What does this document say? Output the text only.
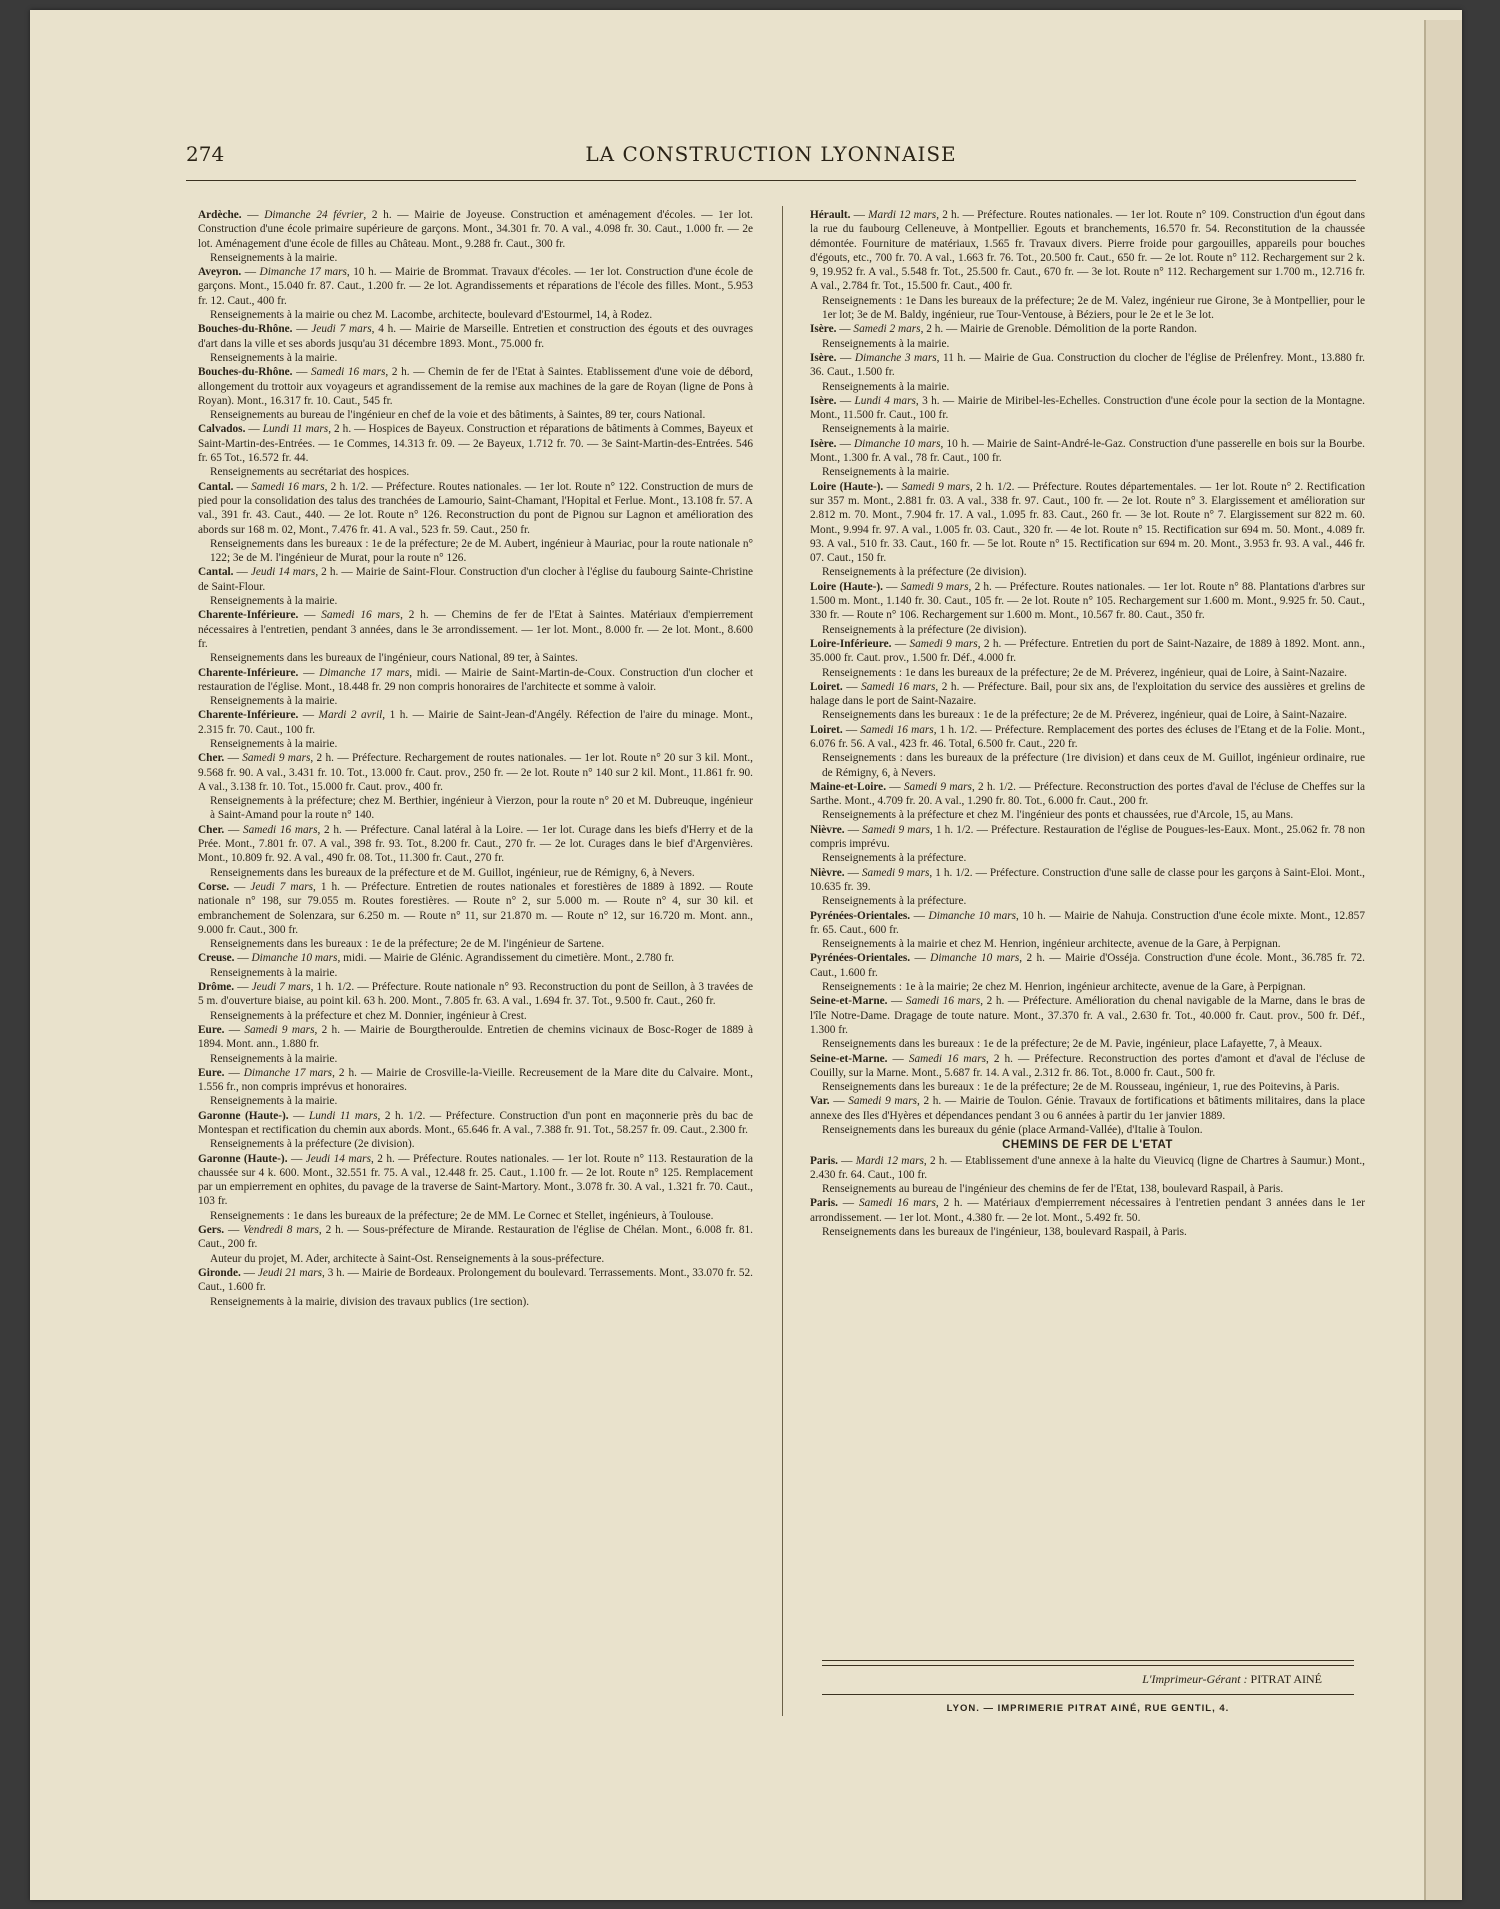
274	LA CONSTRUCTION LYONNAISE

Ardèche. — Dimanche 24 février, 2 h. — Mairie de Joyeuse. Construction et aménagement d'écoles. — 1er lot. Construction d'une école primaire supérieure de garçons. Mont., 34.301 fr. 70. A val., 4.098 fr. 30. Caut., 1.000 fr. — 2e lot. Aménagement d'une école de filles au Château. Mont., 9.288 fr. Caut., 300 fr.

Renseignements à la mairie.

Aveyron. — Dimanche 17 mars, 10 h. — Mairie de Brommat. Travaux d'écoles. — 1er lot. Construction d'une école de garçons. Mont., 15.040 fr. 87. Caut., 1.200 fr. — 2e lot. Agrandissements et réparations de l'école des filles. Mont., 5.953 fr. 12. Caut., 400 fr.

Renseignements à la mairie ou chez M. Lacombe, architecte, boulevard d'Estourmel, 14, à Rodez.

Bouches-du-Rhône. — Jeudi 7 mars, 4 h. — Mairie de Marseille. Entretien et construction des égouts et des ouvrages d'art dans la ville et ses abords jusqu'au 31 décembre 1893. Mont., 75.000 fr.

Renseignements à la mairie.

Bouches-du-Rhône. — Samedi 16 mars, 2 h. — Chemin de fer de l'Etat à Saintes. Etablissement d'une voie de débord, allongement du trottoir aux voyageurs et agrandissement de la remise aux machines de la gare de Royan (ligne de Pons à Royan). Mont., 16.317 fr. 10. Caut., 545 fr.

Renseignements au bureau de l'ingénieur en chef de la voie et des bâtiments, à Saintes, 89 ter, cours National.

Calvados. — Lundi 11 mars, 2 h. — Hospices de Bayeux. Construction et réparations de bâtiments à Commes, Bayeux et Saint-Martin-des-Entrées. — 1e Commes, 14.313 fr. 09. — 2e Bayeux, 1.712 fr. 70. — 3e Saint-Martin-des-Entrées. 546 fr. 65 Tot., 16.572 fr. 44.

Renseignements au secrétariat des hospices.

Cantal. — Samedi 16 mars, 2 h. 1/2. — Préfecture. Routes nationales. — 1er lot. Route n° 122. Construction de murs de pied pour la consolidation des talus des tranchées de Lamourio, Saint-Chamant, l'Hopital et Ferlue. Mont., 13.108 fr. 57. A val., 391 fr. 43. Caut., 440. — 2e lot. Route n° 126. Reconstruction du pont de Pignou sur Lagnon et amélioration des abords sur 168 m. 02, Mont., 7.476 fr. 41. A val., 523 fr. 59. Caut., 250 fr.

Renseignements dans les bureaux : 1e de la préfecture; 2e de M. Aubert, ingénieur à Mauriac, pour la route nationale n° 122; 3e de M. l'ingénieur de Murat, pour la route n° 126.

Cantal. — Jeudi 14 mars, 2 h. — Mairie de Saint-Flour. Construction d'un clocher à l'église du faubourg Sainte-Christine de Saint-Flour.

Renseignements à la mairie.

Charente-Inférieure. — Samedi 16 mars, 2 h. — Chemins de fer de l'Etat à Saintes. Matériaux d'empierrement nécessaires à l'entretien, pendant 3 années, dans le 3e arrondissement. — 1er lot. Mont., 8.000 fr. — 2e lot. Mont., 8.600 fr.

Renseignements dans les bureaux de l'ingénieur, cours National, 89 ter, à Saintes.

Charente-Inférieure. — Dimanche 17 mars, midi. — Mairie de Saint-Martin-de-Coux. Construction d'un clocher et restauration de l'église. Mont., 18.448 fr. 29 non compris honoraires de l'architecte et somme à valoir.

Renseignements à la mairie.

Charente-Inférieure. — Mardi 2 avril, 1 h. — Mairie de Saint-Jean-d'Angély. Réfection de l'aire du minage. Mont., 2.315 fr. 70. Caut., 100 fr.

Renseignements à la mairie.

Cher. — Samedi 9 mars, 2 h. — Préfecture. Rechargement de routes nationales. — 1er lot. Route n° 20 sur 3 kil. Mont., 9.568 fr. 90. A val., 3.431 fr. 10. Tot., 13.000 fr. Caut. prov., 250 fr. — 2e lot. Route n° 140 sur 2 kil. Mont., 11.861 fr. 90. A val., 3.138 fr. 10. Tot., 15.000 fr. Caut. prov., 400 fr.

Renseignements à la préfecture; chez M. Berthier, ingénieur à Vierzon, pour la route n° 20 et M. Dubreuque, ingénieur à Saint-Amand pour la route n° 140.

Cher. — Samedi 16 mars, 2 h. — Préfecture. Canal latéral à la Loire. — 1er lot. Curage dans les biefs d'Herry et de la Prée. Mont., 7.801 fr. 07. A val., 398 fr. 93. Tot., 8.200 fr. Caut., 270 fr. — 2e lot. Curages dans le bief d'Argenvières. Mont., 10.809 fr. 92. A val., 490 fr. 08. Tot., 11.300 fr. Caut., 270 fr.

Renseignements dans les bureaux de la préfecture et de M. Guillot, ingénieur, rue de Rémigny, 6, à Nevers.

Corse. — Jeudi 7 mars, 1 h. — Préfecture. Entretien de routes nationales et forestières de 1889 à 1892. — Route nationale n° 198, sur 79.055 m. Routes forestières. — Route n° 2, sur 5.000 m. — Route n° 4, sur 30 kil. et embranchement de Solenzara, sur 6.250 m. — Route n° 11, sur 21.870 m. — Route n° 12, sur 16.720 m. Mont. ann., 9.000 fr. Caut., 300 fr.

Renseignements dans les bureaux : 1e de la préfecture; 2e de M. l'ingénieur de Sartene.

Creuse. — Dimanche 10 mars, midi. — Mairie de Glénic. Agrandissement du cimetière. Mont., 2.780 fr.

Renseignements à la mairie.

Drôme. — Jeudi 7 mars, 1 h. 1/2. — Préfecture. Route nationale n° 93. Reconstruction du pont de Seillon, à 3 travées de 5 m. d'ouverture biaise, au point kil. 63 h. 200. Mont., 7.805 fr. 63. A val., 1.694 fr. 37. Tot., 9.500 fr. Caut., 260 fr.

Renseignements à la préfecture et chez M. Donnier, ingénieur à Crest.

Eure. — Samedi 9 mars, 2 h. — Mairie de Bourgtheroulde. Entretien de chemins vicinaux de Bosc-Roger de 1889 à 1894. Mont. ann., 1.880 fr.

Renseignements à la mairie.

Eure. — Dimanche 17 mars, 2 h. — Mairie de Crosville-la-Vieille. Recreusement de la Mare dite du Calvaire. Mont., 1.556 fr., non compris imprévus et honoraires.

Renseignements à la mairie.

Garonne (Haute-). — Lundi 11 mars, 2 h. 1/2. — Préfecture. Construction d'un pont en maçonnerie près du bac de Montespan et rectification du chemin aux abords. Mont., 65.646 fr. A val., 7.388 fr. 91. Tot., 58.257 fr. 09. Caut., 2.300 fr.

Renseignements à la préfecture (2e division).

Garonne (Haute-). — Jeudi 14 mars, 2 h. — Préfecture. Routes nationales. — 1er lot. Route n° 113. Restauration de la chaussée sur 4 k. 600. Mont., 32.551 fr. 75. A val., 12.448 fr. 25. Caut., 1.100 fr. — 2e lot. Route n° 125. Remplacement par un empierrement en ophites, du pavage de la traverse de Saint-Martory. Mont., 3.078 fr. 30. A val., 1.321 fr. 70. Caut., 103 fr.

Renseignements : 1e dans les bureaux de la préfecture; 2e de MM. Le Cornec et Stellet, ingénieurs, à Toulouse.

Gers. — Vendredi 8 mars, 2 h. — Sous-préfecture de Mirande. Restauration de l'église de Chélan. Mont., 6.008 fr. 81. Caut., 200 fr.

Auteur du projet, M. Ader, architecte à Saint-Ost. Renseignements à la sous-préfecture.

Gironde. — Jeudi 21 mars, 3 h. — Mairie de Bordeaux. Prolongement du boulevard. Terrassements. Mont., 33.070 fr. 52. Caut., 1.600 fr.

Renseignements à la mairie, division des travaux publics (1re section).

Hérault. — Mardi 12 mars, 2 h. — Préfecture. Routes nationales. — 1er lot. Route n° 109. Construction d'un égout dans la rue du faubourg Celleneuve, à Montpellier. Egouts et branchements, 16.570 fr. 54. Reconstitution de la chaussée démontée. Fourniture de matériaux, 1.565 fr. Travaux divers. Pierre froide pour gargouilles, appareils pour bouches d'égouts, etc., 700 fr. 70. A val., 1.663 fr. 76. Tot., 20.500 fr. Caut., 650 fr. — 2e lot. Route n° 112. Rechargement sur 2 k. 9, 19.952 fr. A val., 5.548 fr. Tot., 25.500 fr. Caut., 670 fr. — 3e lot. Route n° 112. Rechargement sur 1.700 m., 12.716 fr. A val., 2.784 fr. Tot., 15.500 fr. Caut., 400 fr.

Renseignements : 1e Dans les bureaux de la préfecture; 2e de M. Valez, ingénieur rue Girone, 3e à Montpellier, pour le 1er lot; 3e de M. Baldy, ingénieur, rue Tour-Ventouse, à Béziers, pour le 2e et le 3e lot.

Isère. — Samedi 2 mars, 2 h. — Mairie de Grenoble. Démolition de la porte Randon.

Renseignements à la mairie.

Isère. — Dimanche 3 mars, 11 h. — Mairie de Gua. Construction du clocher de l'église de Prélenfrey. Mont., 13.880 fr. 36. Caut., 1.500 fr.

Renseignements à la mairie.

Isère. — Lundi 4 mars, 3 h. — Mairie de Miribel-les-Echelles. Construction d'une école pour la section de la Montagne. Mont., 11.500 fr. Caut., 100 fr.

Renseignements à la mairie.

Isère. — Dimanche 10 mars, 10 h. — Mairie de Saint-André-le-Gaz. Construction d'une passerelle en bois sur la Bourbe. Mont., 1.300 fr. A val., 78 fr. Caut., 100 fr.

Renseignements à la mairie.

Loire (Haute-). — Samedi 9 mars, 2 h. 1/2. — Préfecture. Routes départementales. — 1er lot. Route n° 2. Rectification sur 357 m. Mont., 2.881 fr. 03. A val., 338 fr. 97. Caut., 100 fr. — 2e lot. Route n° 3. Elargissement et amélioration sur 2.812 m. 70. Mont., 7.904 fr. 17. A val., 1.095 fr. 83. Caut., 260 fr. — 3e lot. Route n° 7. Elargissement sur 822 m. 60. Mont., 9.994 fr. 97. A val., 1.005 fr. 03. Caut., 320 fr. — 4e lot. Route n° 15. Rectification sur 694 m. 50. Mont., 4.089 fr. 93. A val., 510 fr. 33. Caut., 160 fr. — 5e lot. Route n° 15. Rectification sur 694 m. 20. Mont., 3.953 fr. 93. A val., 446 fr. 07. Caut., 150 fr.

Renseignements à la préfecture (2e division).

Loire (Haute-). — Samedi 9 mars, 2 h. — Préfecture. Routes nationales. — 1er lot. Route n° 88. Plantations d'arbres sur 1.500 m. Mont., 1.140 fr. 30. Caut., 105 fr. — 2e lot. Route n° 105. Rechargement sur 1.600 m. Mont., 9.925 fr. 50. Caut., 330 fr. — Route n° 106. Rechargement sur 1.600 m. Mont., 10.567 fr. 80. Caut., 350 fr.

Renseignements à la préfecture (2e division).

Loire-Inférieure. — Samedi 9 mars, 2 h. — Préfecture. Entretien du port de Saint-Nazaire, de 1889 à 1892. Mont. ann., 35.000 fr. Caut. prov., 1.500 fr. Déf., 4.000 fr.

Renseignements : 1e dans les bureaux de la préfecture; 2e de M. Préverez, ingénieur, quai de Loire, à Saint-Nazaire.

Loiret. — Samedi 16 mars, 2 h. — Préfecture. Bail, pour six ans, de l'exploitation du service des aussières et grelins de halage dans le port de Saint-Nazaire.

Renseignements dans les bureaux : 1e de la préfecture; 2e de M. Préverez, ingénieur, quai de Loire, à Saint-Nazaire.

Loiret. — Samedi 16 mars, 1 h. 1/2. — Préfecture. Remplacement des portes des écluses de l'Etang et de la Folie. Mont., 6.076 fr. 56. A val., 423 fr. 46. Total, 6.500 fr. Caut., 220 fr.

Renseignements : dans les bureaux de la préfecture (1re division) et dans ceux de M. Guillot, ingénieur ordinaire, rue de Rémigny, 6, à Nevers.

Maine-et-Loire. — Samedi 9 mars, 2 h. 1/2. — Préfecture. Reconstruction des portes d'aval de l'écluse de Cheffes sur la Sarthe. Mont., 4.709 fr. 20. A val., 1.290 fr. 80. Tot., 6.000 fr. Caut., 200 fr.

Renseignements à la préfecture et chez M. l'ingénieur des ponts et chaussées, rue d'Arcole, 15, au Mans.

Nièvre. — Samedi 9 mars, 1 h. 1/2. — Préfecture. Restauration de l'église de Pougues-les-Eaux. Mont., 25.062 fr. 78 non compris imprévu.

Renseignements à la préfecture.

Nièvre. — Samedi 9 mars, 1 h. 1/2. — Préfecture. Construction d'une salle de classe pour les garçons à Saint-Eloi. Mont., 10.635 fr. 39.

Renseignements à la préfecture.

Pyrénées-Orientales. — Dimanche 10 mars, 10 h. — Mairie de Nahuja. Construction d'une école mixte. Mont., 12.857 fr. 65. Caut., 600 fr.

Renseignements à la mairie et chez M. Henrion, ingénieur architecte, avenue de la Gare, à Perpignan.

Pyrénées-Orientales. — Dimanche 10 mars, 2 h. — Mairie d'Osséja. Construction d'une école. Mont., 36.785 fr. 72. Caut., 1.600 fr.

Renseignements : 1e à la mairie; 2e chez M. Henrion, ingénieur architecte, avenue de la Gare, à Perpignan.

Seine-et-Marne. — Samedi 16 mars, 2 h. — Préfecture. Amélioration du chenal navigable de la Marne, dans le bras de l'île Notre-Dame. Dragage de toute nature. Mont., 37.370 fr. A val., 2.630 fr. Tot., 40.000 fr. Caut. prov., 500 fr. Déf., 1.300 fr.

Renseignements dans les bureaux : 1e de la préfecture; 2e de M. Pavie, ingénieur, place Lafayette, 7, à Meaux.

Seine-et-Marne. — Samedi 16 mars, 2 h. — Préfecture. Reconstruction des portes d'amont et d'aval de l'écluse de Couilly, sur la Marne. Mont., 5.687 fr. 14. A val., 2.312 fr. 86. Tot., 8.000 fr. Caut., 500 fr.

Renseignements dans les bureaux : 1e de la préfecture; 2e de M. Rousseau, ingénieur, 1, rue des Poitevins, à Paris.

Var. — Samedi 9 mars, 2 h. — Mairie de Toulon. Génie. Travaux de fortifications et bâtiments militaires, dans la place annexe des Iles d'Hyères et dépendances pendant 3 ou 6 années à partir du 1er janvier 1889.

Renseignements dans les bureaux du génie (place Armand-Vallée), d'Italie à Toulon.

CHEMINS DE FER DE L'ETAT

Paris. — Mardi 12 mars, 2 h. — Etablissement d'une annexe à la halte du Vieuvicq (ligne de Chartres à Saumur.) Mont., 2.430 fr. 64. Caut., 100 fr.

Renseignements au bureau de l'ingénieur des chemins de fer de l'Etat, 138, boulevard Raspail, à Paris.

Paris. — Samedi 16 mars, 2 h. — Matériaux d'empierrement nécessaires à l'entretien pendant 3 années dans le 1er arrondissement. — 1er lot. Mont., 4.380 fr. — 2e lot. Mont., 5.492 fr. 50.

Renseignements dans les bureaux de l'ingénieur, 138, boulevard Raspail, à Paris.

L'Imprimeur-Gérant : PITRAT AINÉ
LYON. — IMPRIMERIE PITRAT AINÉ, RUE GENTIL, 4.
